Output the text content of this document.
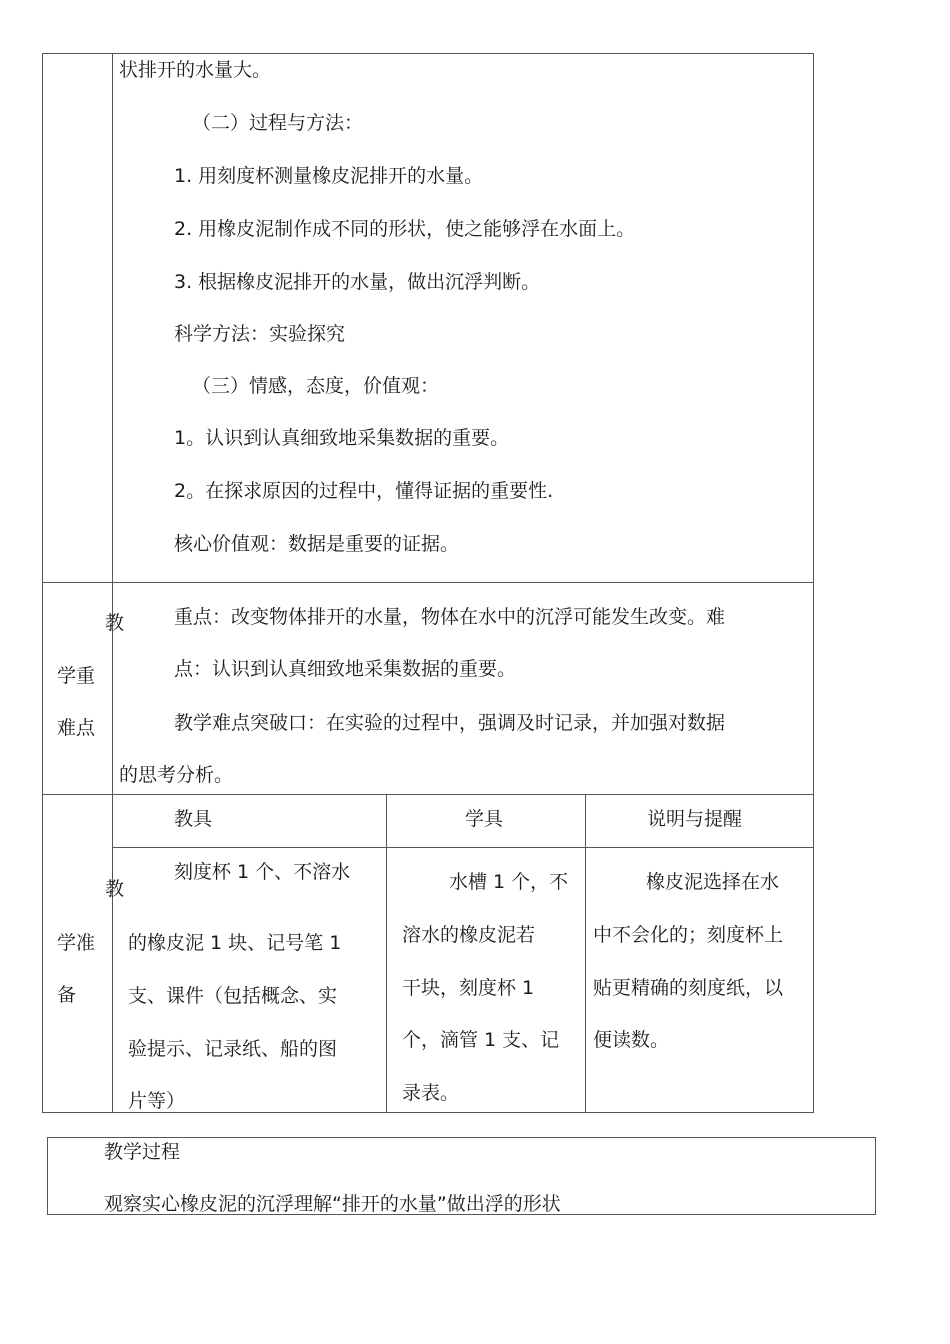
状排开的水量大。
（二）过程与方法：
1. 用刻度杯测量橡皮泥排开的水量。
2. 用橡皮泥制作成不同的形状，使之能够浮在水面上。
3. 根据橡皮泥排开的水量，做出沉浮判断。
科学方法：实验探究
（三）情感，态度，价值观：
1。认识到认真细致地采集数据的重要。
2。在探求原因的过程中，懂得证据的重要性.
核心价值观：数据是重要的证据。
教
学重
难点
重点：改变物体排开的水量，物体在水中的沉浮可能发生改变。难
点：认识到认真细致地采集数据的重要。
教学难点突破口：在实验的过程中，强调及时记录，并加强对数据
的思考分析。
教
学准
备
教具	学具	说明与提醒
刻度杯 1 个、不溶水
的橡皮泥 1 块、记号笔 1
支、课件（包括概念、实
验提示、记录纸、船的图
片等）
水槽 1 个，不
溶水的橡皮泥若
干块，刻度杯 1
个，滴管 1 支、记
录表。
橡皮泥选择在水
中不会化的；刻度杯上
贴更精确的刻度纸，以
便读数。
教学过程
观察实心橡皮泥的沉浮理解“排开的水量”做出浮的形状
